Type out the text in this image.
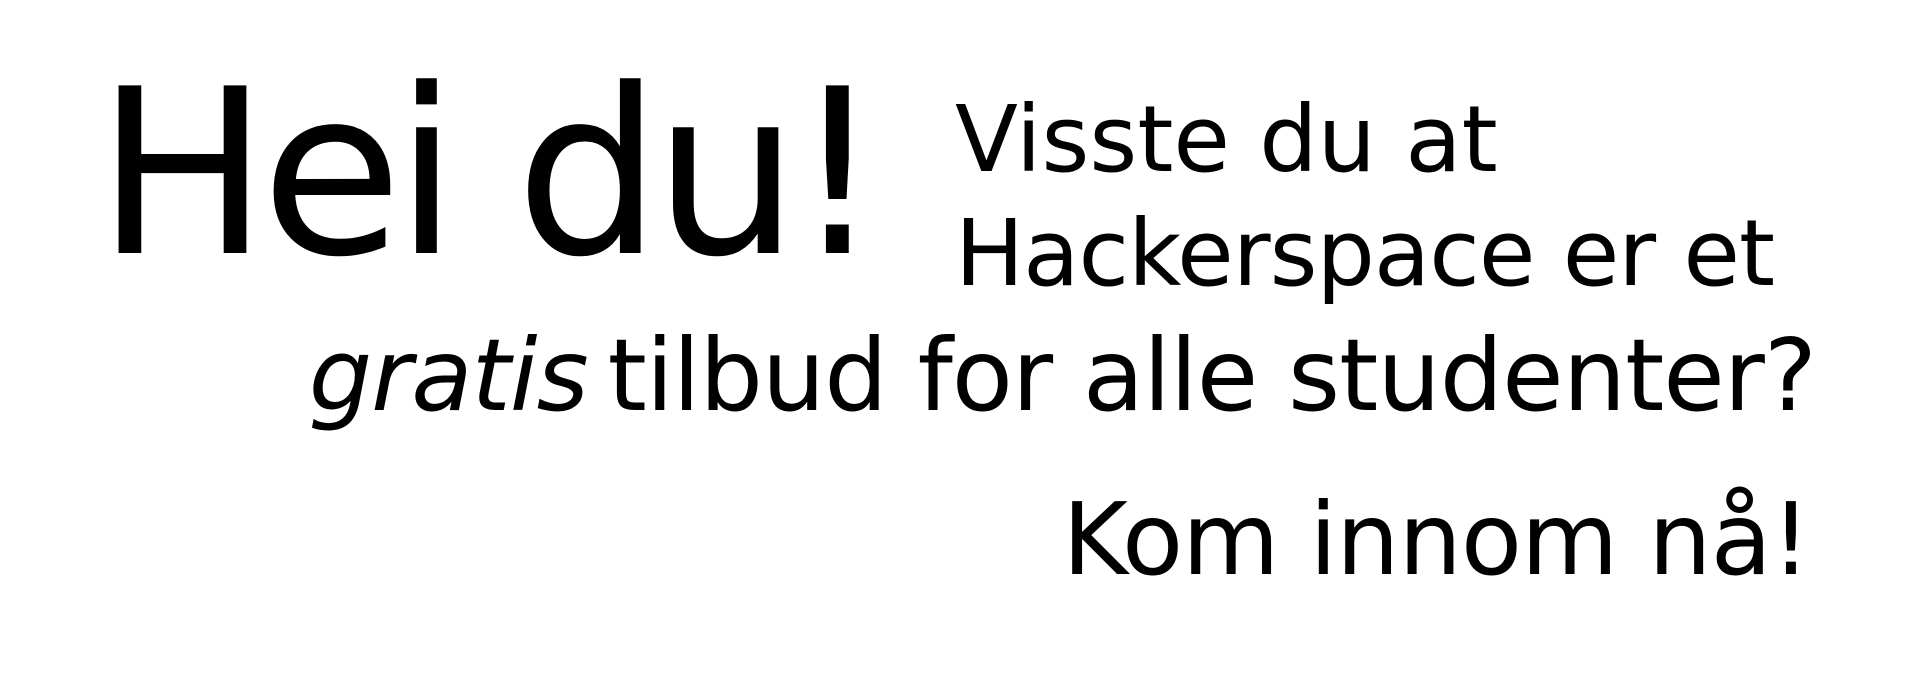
Hei du! Visste du at
Hackerspace er et
gratis tilbud for alle studenter?
Kom innom nå!
